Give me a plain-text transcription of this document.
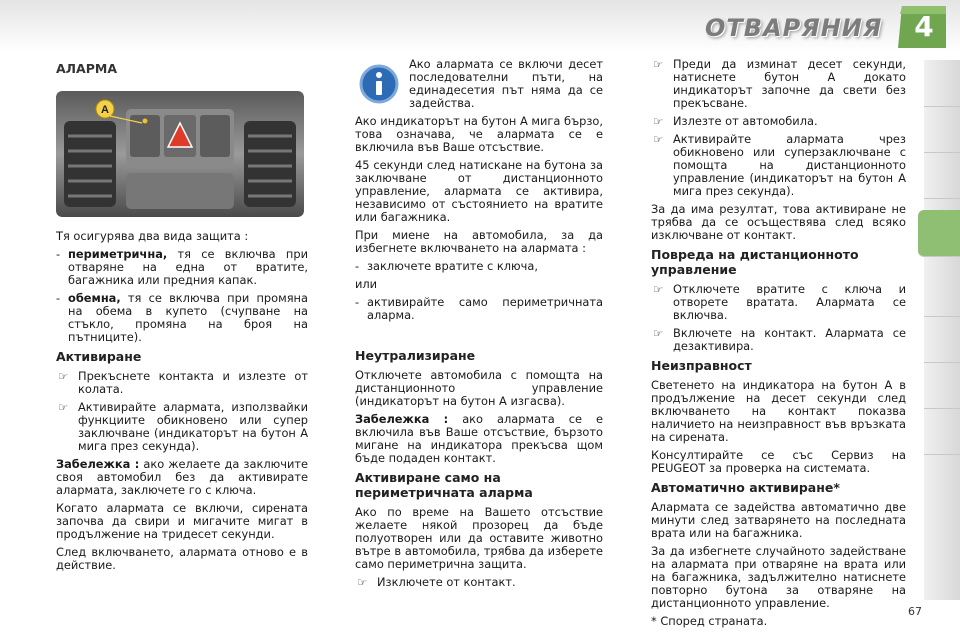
ОТВАРЯНИЯ	4
АЛАРМА
A

Тя осигурява два вида защита :

- периметрична, тя се включва при отваряне на една от вратите, багажника или предния капак.
- обемна, тя се включва при промяна на обема в купето (счупване на стъкло, промяна на броя на пътниците).
Активиране
☞ Прекъснете контакта и излезте от колата.
☞ Активирайте алармата, използвайки функциите обикновено или супер заключване (индикаторът на бутон А мига през секунда).

Забележка : ако желаете да заключите своя автомобил без да активирате алармата, заключете го с ключа.

Когато алармата се включи, сирената започва да свири и мигачите мигат в продължение на тридесет секунди.

След включването, алармата отново е в действие.

Ако алармата се включи десет последователни пъти, на единадесетия път няма да се задейства.

Ако индикаторът на бутон А мига бързо, това означава, че алармата се е включила във Ваше отсъствие.

45 секунди след натискане на бутона за заключване от дистанционното управление, алармата се активира, независимо от състоянието на вратите или багажника.

При миене на автомобила, за да избегнете включването на алармата :

- заключете вратите с ключа,

или

- активирайте само периметричната аларма.
Неутрализиране

Отключете автомобила с помощта на дистанционното управление (индикаторът на бутон А изгасва).

Забележка : ако алармата се е включила във Ваше отсъствие, бързото мигане на индикатора прекъсва щом бъде подаден контакт.

Активиране само на периметричната аларма

Ако по време на Вашето отсъствие желаете някой прозорец да бъде полуотворен или да оставите животно вътре в автомобила, трябва да изберете само периметрична защита.

☞ Изключете от контакт.
☞ Преди да изминат десет секунди, натиснете бутон А докато индикаторът започне да свети без прекъсване.
☞ Излезте от автомобила.
☞ Активирайте алармата чрез обикновено или суперзаключване с помощта на дистанционното управление (индикаторът на бутон А мига през секунда).

За да има резултат, това активиране не трябва да се осъществява след всяко изключване от контакт.

Повреда на дистанционното управление
☞ Отключете вратите с ключа и отворете вратата. Алармата се включва.
☞ Включете на контакт. Алармата се дезактивира.
Неизправност

Светенето на индикатора на бутон А в продължение на десет секунди след включването на контакт показва наличието на неизправност във връзката на сирената.

Консултирайте се със Сервиз на PEUGEOT за проверка на системата.

Автоматично активиране*

Алармата се задейства автоматично две минути след затварянето на последната врата или на багажника.

За да избегнете случайното задействане на алармата при отваряне на врата или на багажника, задължително натиснете повторно бутона за отваряне на дистанционното управление.

* Според страната.

67
